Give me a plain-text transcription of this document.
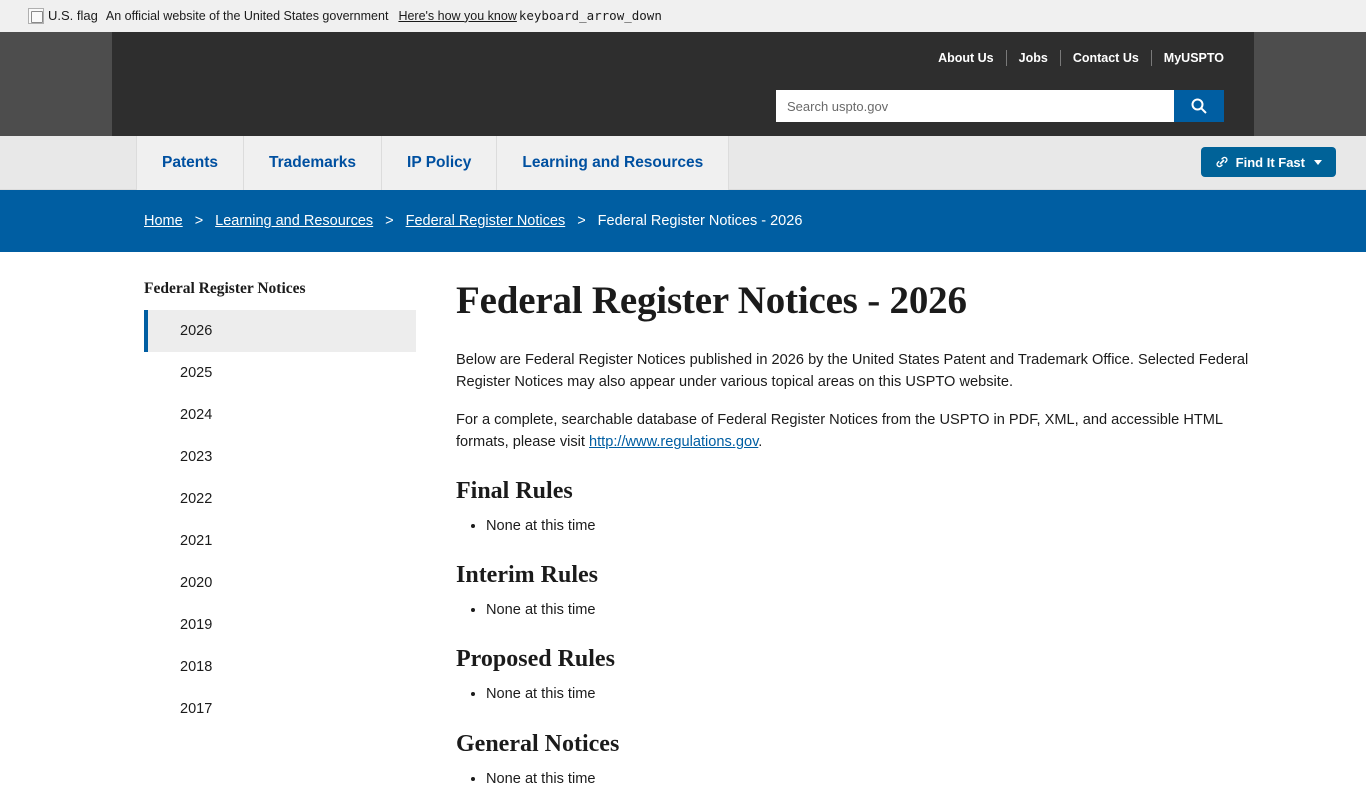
U.S. flag An official website of the United States government Here's how you know keyboard_arrow_down
About Us	Jobs	Contact Us	MyUSPTO
Search uspto.gov
Patents	Trademarks	IP Policy	Learning and Resources	Find It Fast
Home > Learning and Resources > Federal Register Notices > Federal Register Notices - 2026
Federal Register Notices
2026
2025
2024
2023
2022
2021
2020
2019
2018
2017
Federal Register Notices - 2026

Below are Federal Register Notices published in 2026 by the United States Patent and Trademark Office. Selected Federal Register Notices may also appear under various topical areas on this USPTO website.

For a complete, searchable database of Federal Register Notices from the USPTO in PDF, XML, and accessible HTML formats, please visit http://www.regulations.gov.

Final Rules
• None at this time
Interim Rules
• None at this time
Proposed Rules
• None at this time
General Notices
• None at this time
